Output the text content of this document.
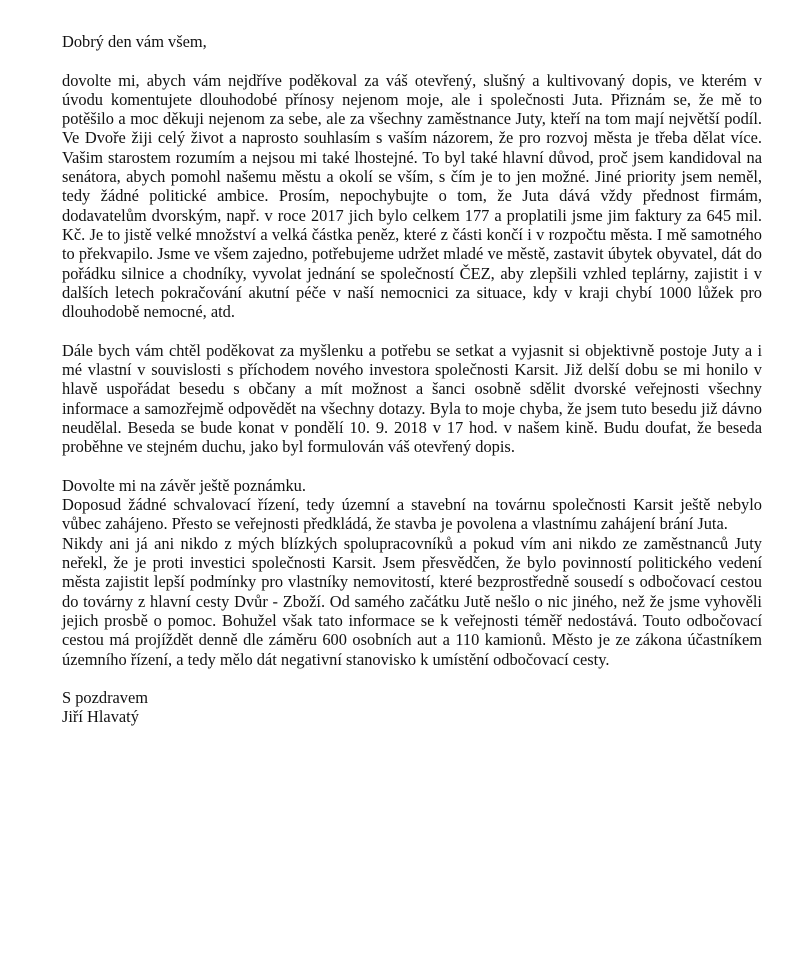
Dobrý den vám všem,

dovolte mi, abych vám nejdříve poděkoval za váš otevřený, slušný a kultivovaný dopis, ve kterém v úvodu komentujete dlouhodobé přínosy nejenom moje, ale i společnosti Juta. Přiznám se, že mě to potěšilo a moc děkuji nejenom za sebe, ale za všechny zaměstnance Juty, kteří na tom mají největší podíl. Ve Dvoře žiji celý život a naprosto souhlasím s vaším názorem, že pro rozvoj města je třeba dělat více. Vašim starostem rozumím a nejsou mi také lhostejné. To byl také hlavní důvod, proč jsem kandidoval na senátora, abych pomohl našemu městu a okolí se vším, s čím je to jen možné. Jiné priority jsem neměl, tedy žádné politické ambice. Prosím, nepochybujte o tom, že Juta dává vždy přednost firmám, dodavatelům dvorským, např. v roce 2017 jich bylo celkem 177 a proplatili jsme jim faktury za 645 mil. Kč. Je to jistě velké množství a velká částka peněz, které z části končí i v rozpočtu města. I mě samotného to překvapilo. Jsme ve všem zajedno, potřebujeme udržet mladé ve městě, zastavit úbytek obyvatel, dát do pořádku silnice a chodníky, vyvolat jednání se společností ČEZ, aby zlepšili vzhled teplárny, zajistit i v dalších letech pokračování akutní péče v naší nemocnici za situace, kdy v kraji chybí 1000 lůžek pro dlouhodobě nemocné, atd.

Dále bych vám chtěl poděkovat za myšlenku a potřebu se setkat a vyjasnit si objektivně postoje Juty a i mé vlastní v souvislosti s příchodem nového investora společnosti Karsit. Již delší dobu se mi honilo v hlavě uspořádat besedu s občany a mít možnost a šanci osobně sdělit dvorské veřejnosti všechny informace a samozřejmě odpovědět na všechny dotazy. Byla to moje chyba, že jsem tuto besedu již dávno neudělal. Beseda se bude konat v pondělí 10. 9. 2018 v 17 hod. v našem kině. Budu doufat, že beseda proběhne ve stejném duchu, jako byl formulován váš otevřený dopis.

Dovolte mi na závěr ještě poznámku.

Doposud žádné schvalovací řízení, tedy územní a stavební na továrnu společnosti Karsit ještě nebylo vůbec zahájeno. Přesto se veřejnosti předkládá, že stavba je povolena a vlastnímu zahájení brání Juta.

Nikdy ani já ani nikdo z mých blízkých spolupracovníků a pokud vím ani nikdo ze zaměstnanců Juty neřekl, že je proti investici společnosti Karsit. Jsem přesvědčen, že bylo povinností politického vedení města zajistit lepší podmínky pro vlastníky nemovitostí, které bezprostředně sousedí s odbočovací cestou do továrny z hlavní cesty Dvůr - Zboží. Od samého začátku Jutě nešlo o nic jiného, než že jsme vyhověli jejich prosbě o pomoc. Bohužel však tato informace se k veřejnosti téměř nedostává. Touto odbočovací cestou má projíždět denně dle záměru 600 osobních aut a 110 kamionů. Město je ze zákona účastníkem územního řízení, a tedy mělo dát negativní stanovisko k umístění odbočovací cesty.

S pozdravem

Jiří Hlavatý
